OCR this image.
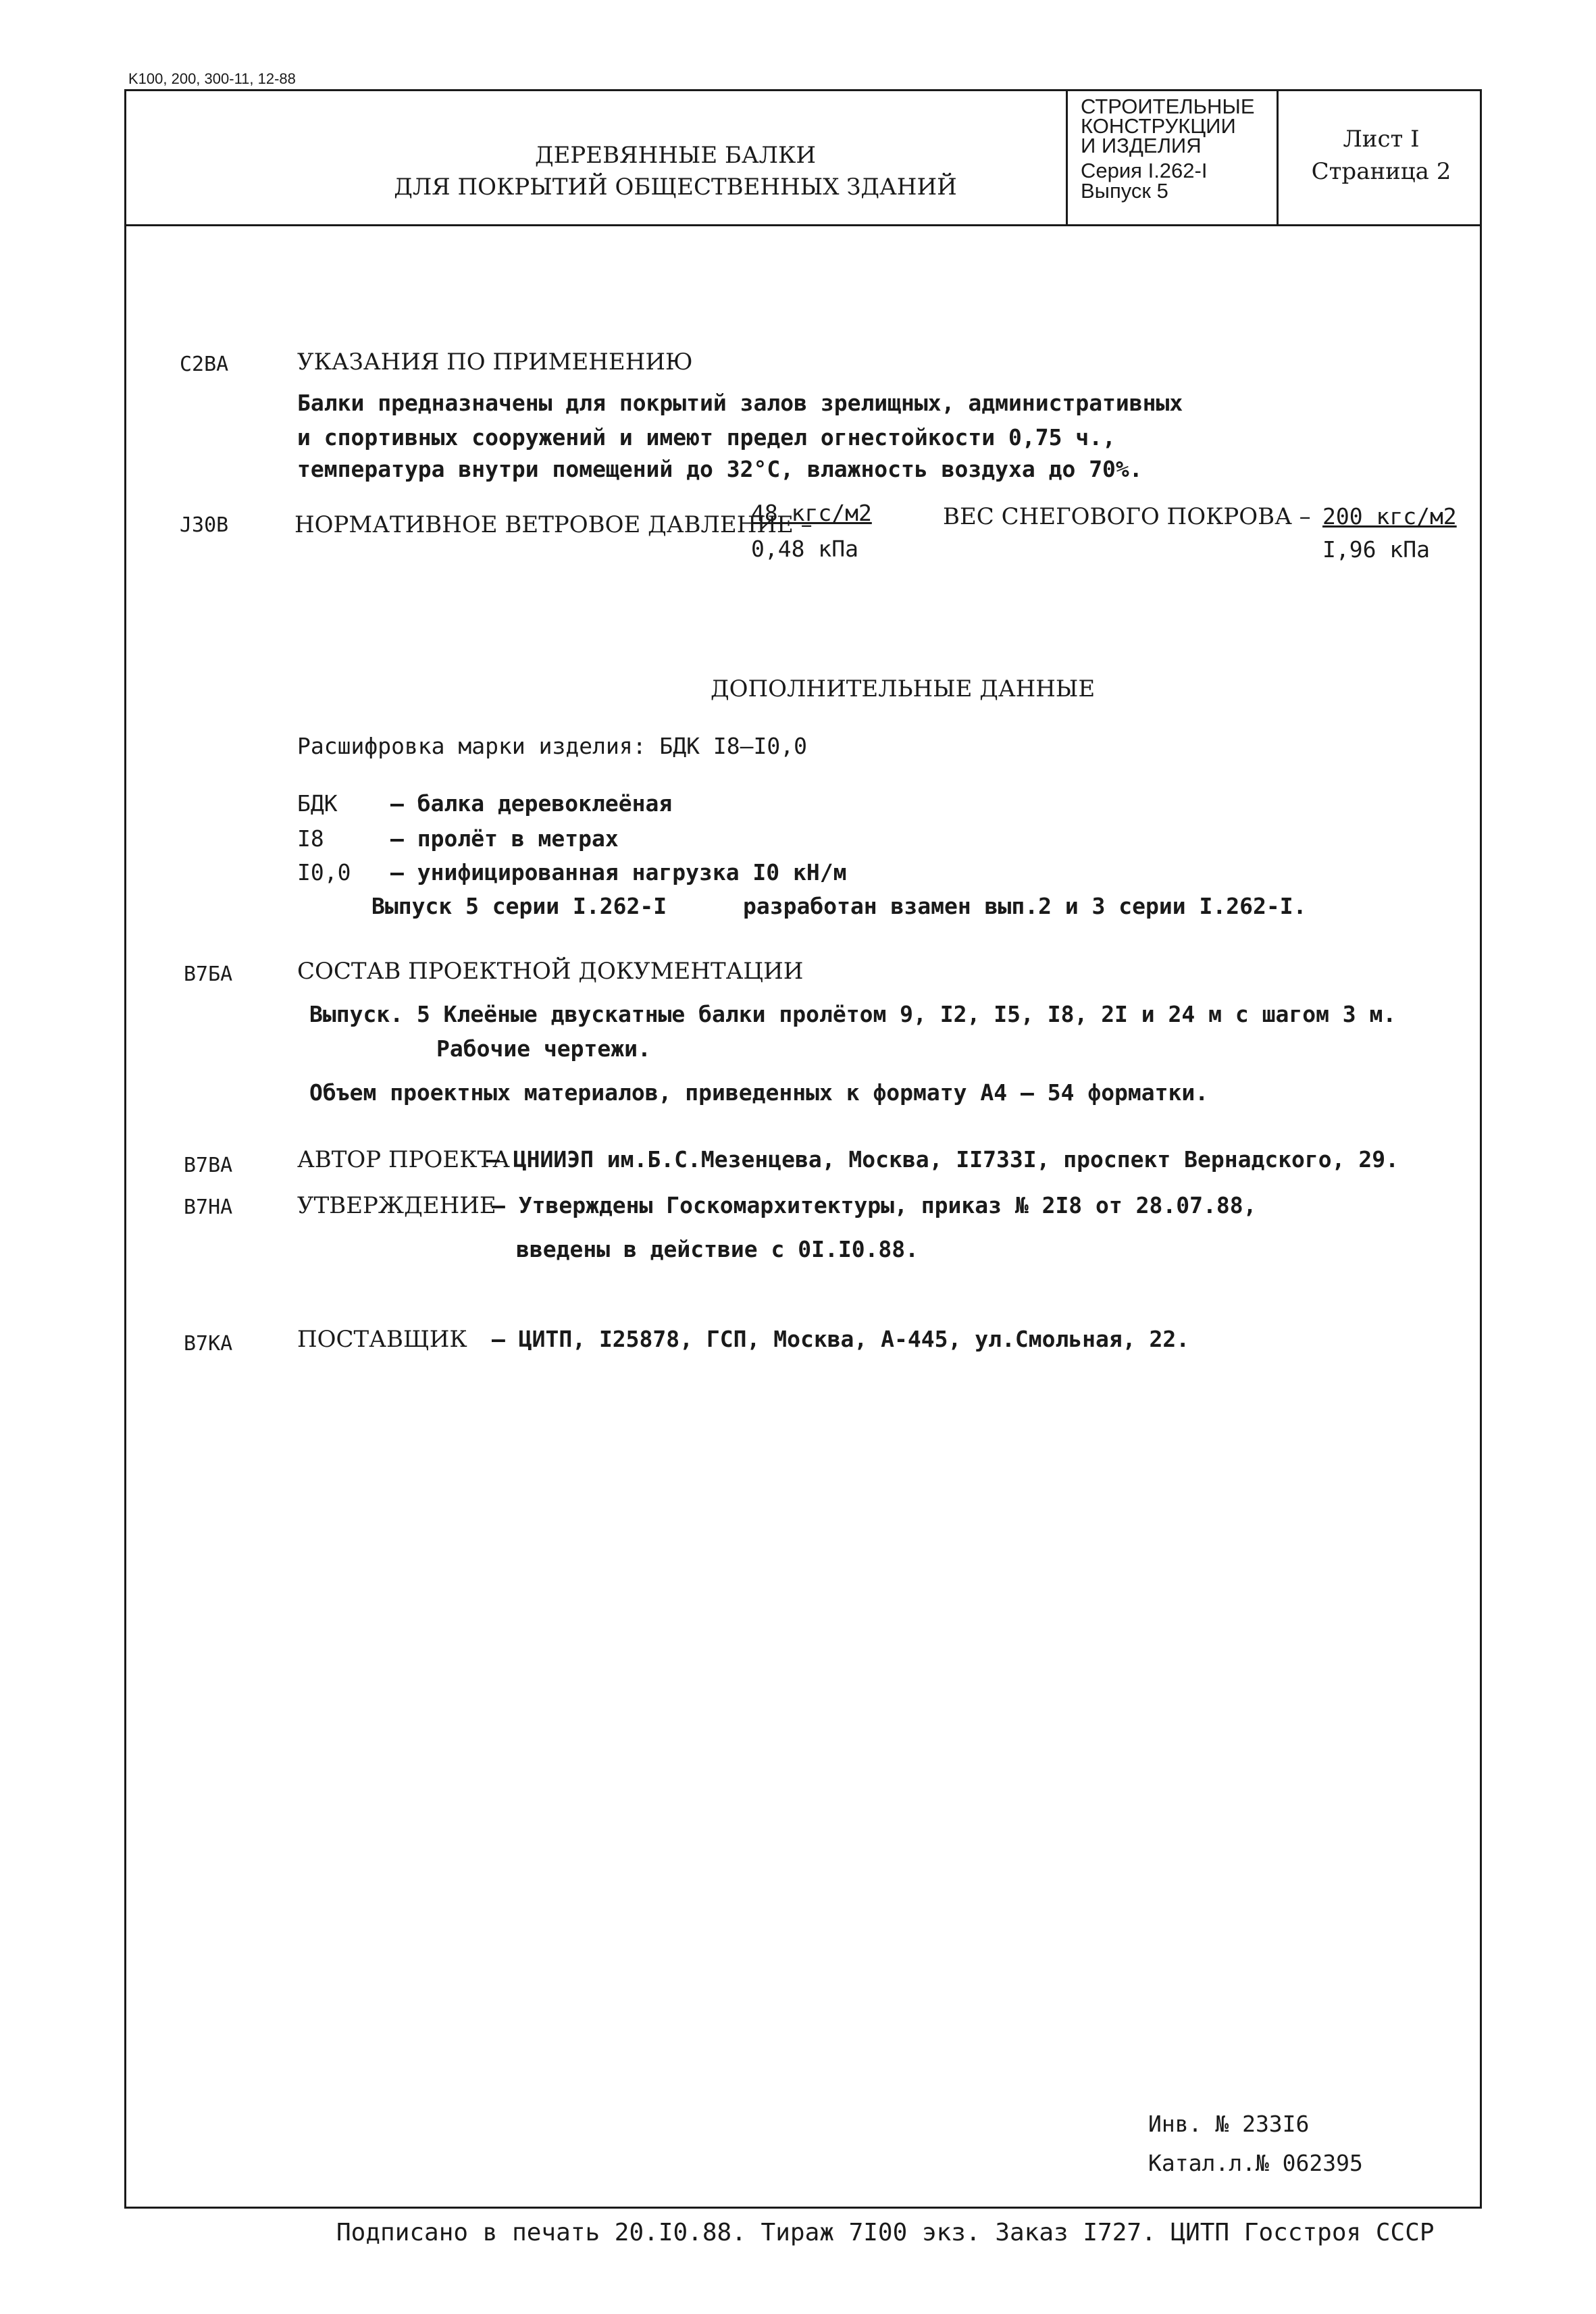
K100, 200, 300-11, 12-88
ДЕРЕВЯННЫЕ БАЛКИ
ДЛЯ ПОКРЫТИЙ ОБЩЕСТВЕННЫХ ЗДАНИЙ
СТРОИТЕЛЬНЫЕ
КОНСТРУКЦИИ
И ИЗДЕЛИЯ
Серия I.262-I
Выпуск 5
Лист I
Страница 2
С2ВА	УКАЗАНИЯ ПО ПРИМЕНЕНИЮ
Балки предназначены для покрытий залов зрелищных, административных
и спортивных сооружений и имеют предел огнестойкости 0,75 ч.,
температура внутри помещений до 32°С, влажность воздуха до 70%.
J30В	НОРМАТИВНОЕ ВЕТРОВОЕ ДАВЛЕНИЕ –
48 кгс/м2
0,48 кПа
ВЕС СНЕГОВОГО ПОКРОВА – 200 кгс/м2
I,96 кПа
ДОПОЛНИТЕЛЬНЫЕ ДАННЫЕ
Расшифровка марки изделия: БДК I8–I0,0
БДК – балка деревоклеёная
I8	– пролёт в метрах
I0,0 – унифицированная нагрузка I0 кН/м
Выпуск 5 серии I.262-I	разработан взамен вып.2 и 3 серии I.262-I.
В7БА	СОСТАВ ПРОЕКТНОЙ ДОКУМЕНТАЦИИ
Выпуск. 5 Клеёные двускатные балки пролётом 9, I2, I5, I8, 2I и 24 м с шагом 3 м.
Рабочие чертежи.
Объем проектных материалов, приведенных к формату А4 – 54 форматки.
В7ВА	АВТОР ПРОЕКТА
– ЦНИИЭП им.Б.С.Мезенцева, Москва, II733I, проспект Вернадского, 29.
В7НА	УТВЕРЖДЕНИЕ
– Утверждены Госкомархитектуры, приказ № 2I8 от 28.07.88,
введены в действие с 0I.I0.88.
В7КА	ПОСТАВЩИК – ЦИТП, I25878, ГСП, Москва, А-445, ул.Смольная, 22.
Инв. № 233I6
Катал.л.№ 062395
Подписано в печать 20.I0.88. Тираж 7I00 экз. Заказ I727. ЦИТП Госстроя СССР
